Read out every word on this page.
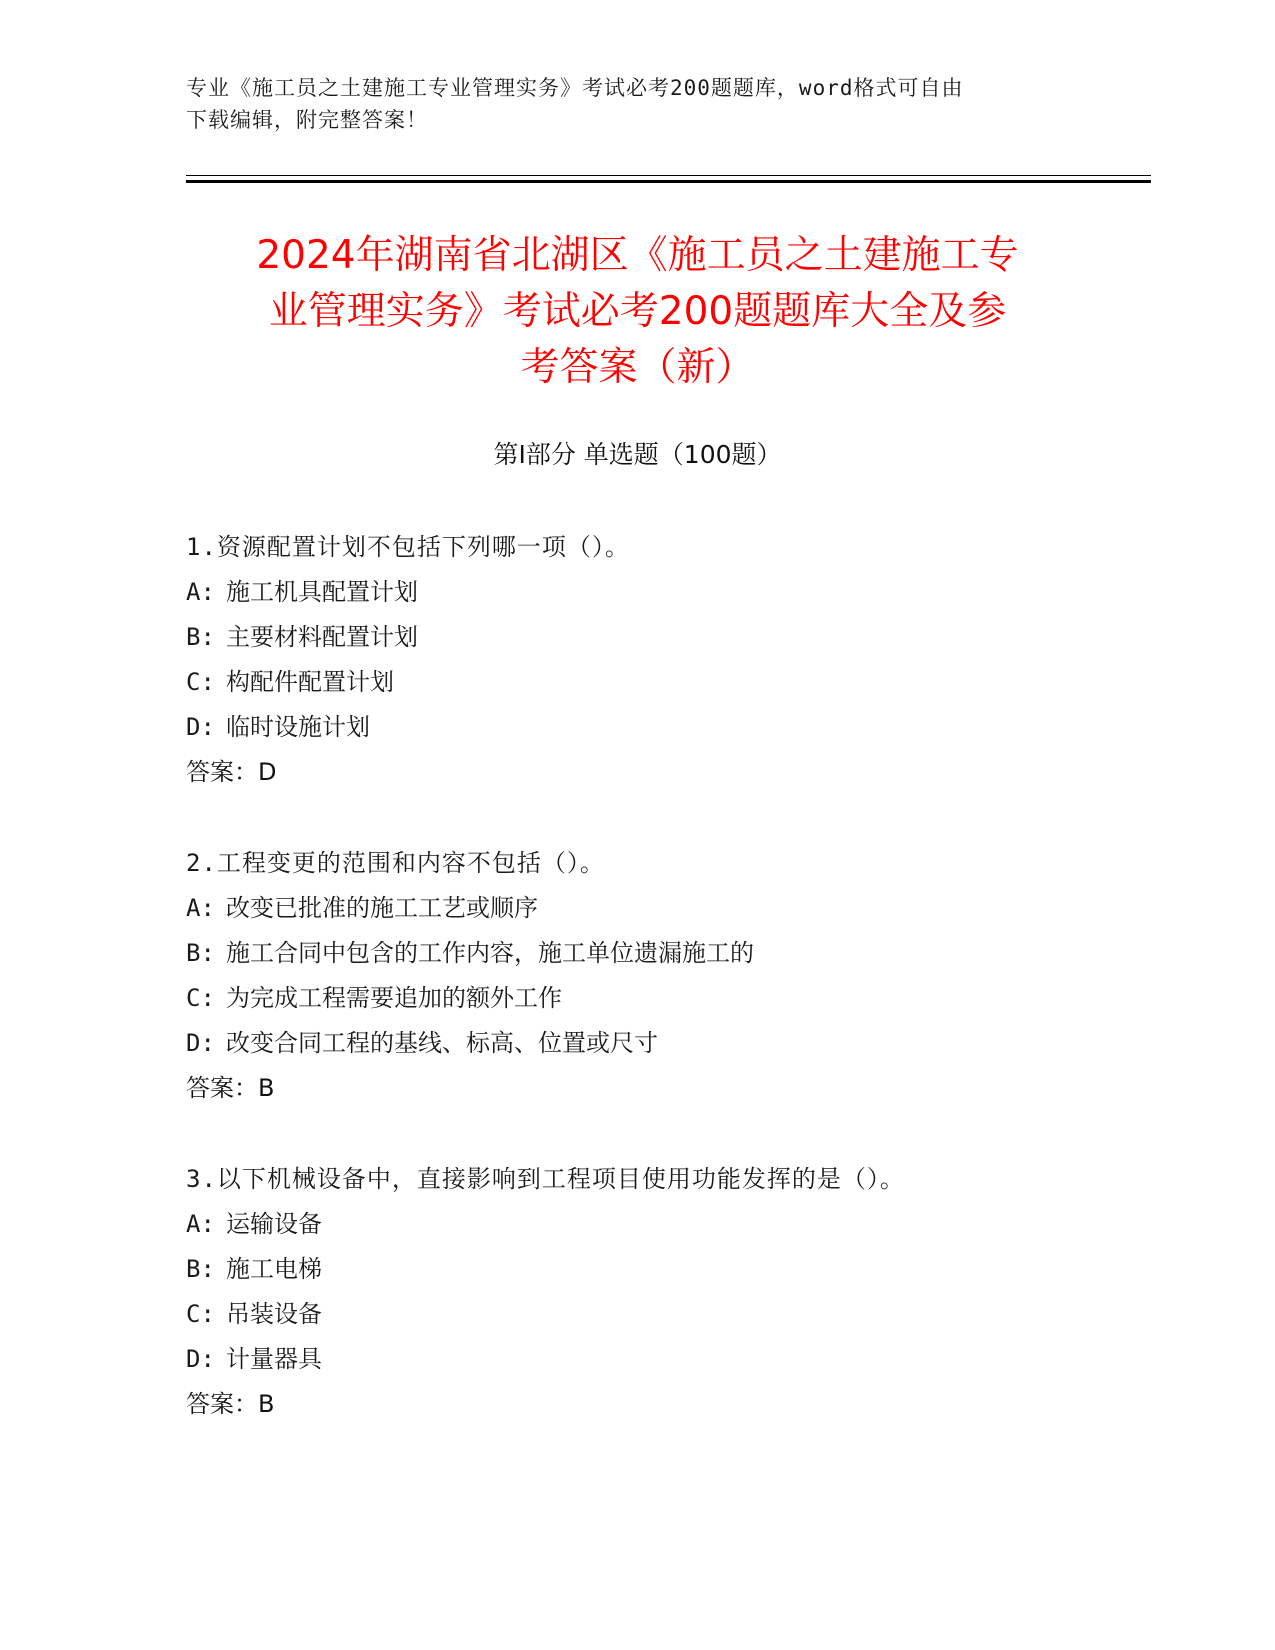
专业《施工员之土建施工专业管理实务》考试必考200题题库，word格式可自由
下载编辑，附完整答案！
2024年湖南省北湖区《施工员之土建施工专
业管理实务》考试必考200题题库大全及参
考答案（新）
第Ⅰ部分 单选题（100题）
1.资源配置计划不包括下列哪一项（）。
A: 施工机具配置计划
B: 主要材料配置计划
C: 构配件配置计划
D: 临时设施计划
答案：D
2.工程变更的范围和内容不包括（）。
A: 改变已批准的施工工艺或顺序
B: 施工合同中包含的工作内容，施工单位遗漏施工的
C: 为完成工程需要追加的额外工作
D: 改变合同工程的基线、标高、位置或尺寸
答案：B
3.以下机械设备中，直接影响到工程项目使用功能发挥的是（）。
A: 运输设备
B: 施工电梯
C: 吊装设备
D: 计量器具
答案：B
